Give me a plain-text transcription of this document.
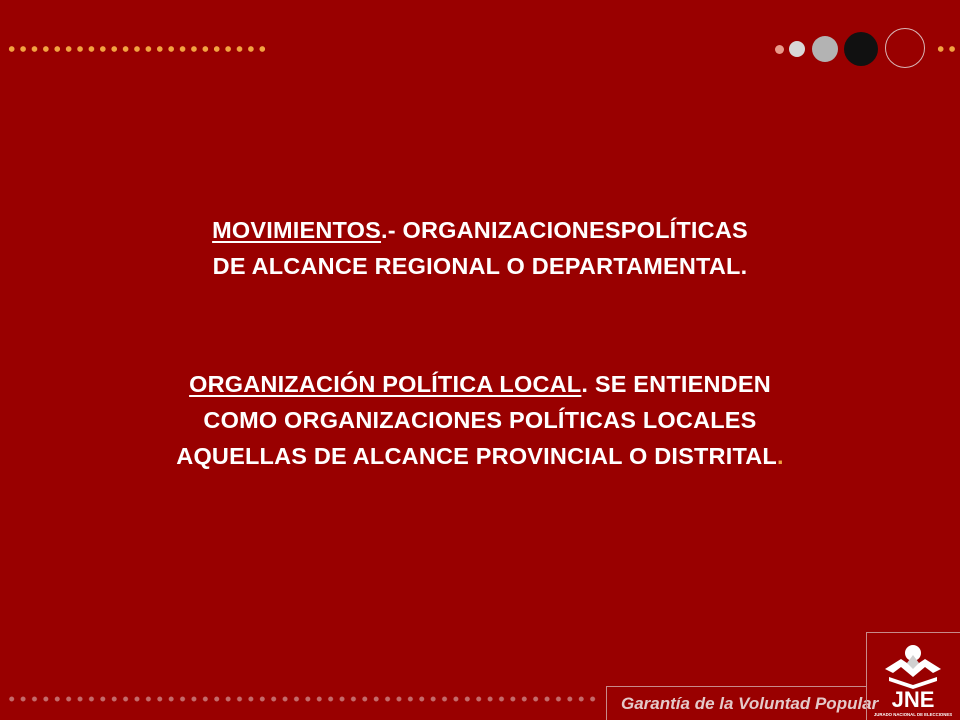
MOVIMIENTOS.- ORGANIZACIONESPOLÍTICAS
DE ALCANCE REGIONAL O DEPARTAMENTAL.
ORGANIZACIÓN POLÍTICA LOCAL. SE ENTIENDEN
COMO ORGANIZACIONES POLÍTICAS LOCALES
AQUELLAS DE ALCANCE PROVINCIAL O DISTRITAL.
Garantía de la Voluntad Popular JNE
JURADO NACIONAL DE ELECCIONES
